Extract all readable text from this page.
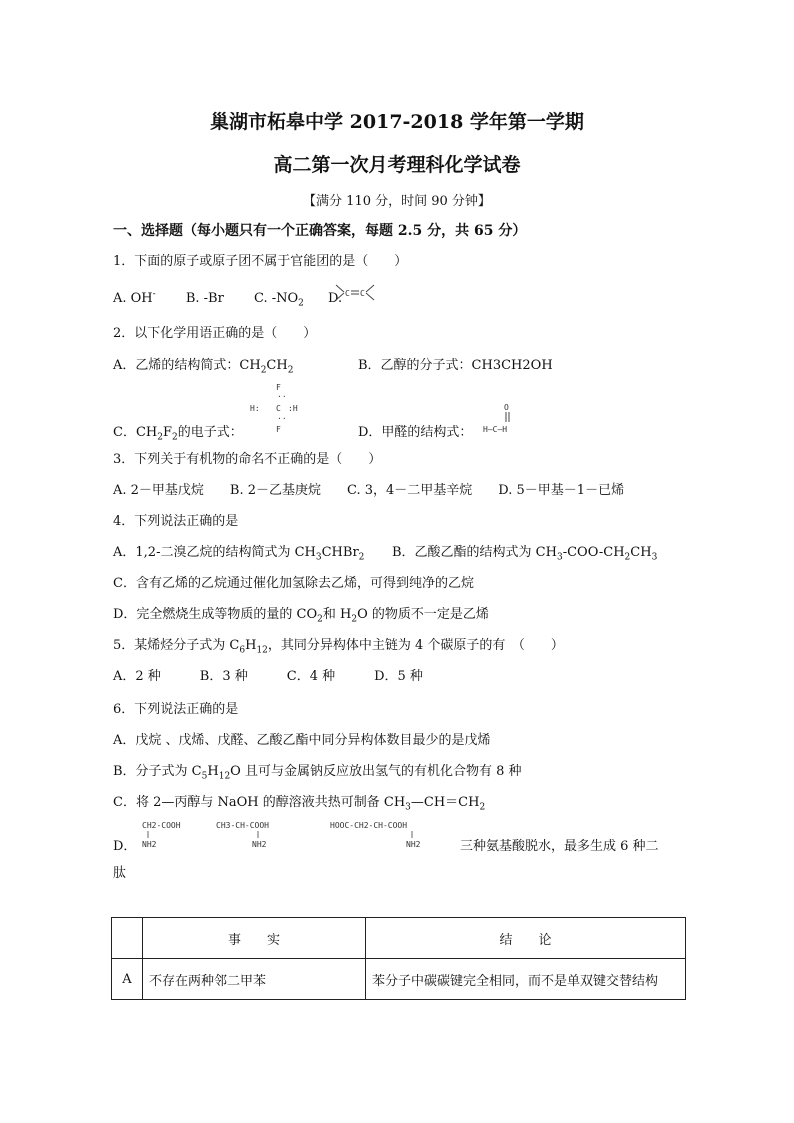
巢湖市柘皋中学 2017-2018 学年第一学期
高二第一次月考理科化学试卷
【满分 110 分，时间 90 分钟】
一、选择题（每小题只有一个正确答案，每题 2.5 分，共 65 分）
1．下面的原子或原子团不属于官能团的是（　　）
A. OH- B. -Br C. $-NO_2$ D. C C
2．以下化学用语正确的是（　　）
A．乙烯的结构简式：$CH_2CH_2$	B．乙醇的分子式：CH3CH2OH
F
··
H: C :H
··
F
C．$CH_2F_2$的电子式：	D．甲醛的结构式：
O
H—C—H
3．下列关于有机物的命名不正确的是（　　）
A. 2－甲基戊烷　　B. 2－乙基庚烷　　C. 3，4－二甲基辛烷　　D. 5－甲基－1－已烯
4．下列说法正确的是
A．1,2-二溴乙烷的结构简式为 $CH_3CHBr_2$ B．乙酸乙酯的结构式为 $CH_3-COO-CH_2CH_3$
C．含有乙烯的乙烷通过催化加氢除去乙烯，可得到纯净的乙烷
D．完全燃烧生成等物质的量的 $CO_2$和 $H_2O$ 的物质不一定是乙烯
5．某烯烃分子式为 $C_6H_{12}$，其同分异构体中主链为 4 个碳原子的有　（　　）
A．2 种　　　B．3 种　　　C．4 种　　　D．5 种
6．下列说法正确的是
A．戊烷 、戊烯、戊醛、乙酸乙酯中同分异构体数目最少的是戊烯
B．分子式为 $C_5H_{12}O$ 且可与金属钠反应放出氢气的有机化合物有 8 种
C．将 2—丙醇与 NaOH 的醇溶液共热可制备 $CH_3—CH=CH_2$
CH2-COOH
NH2
CH3-CH-COOH
NH2
HOOC-CH2-CH-COOH
NH2
D．	三种氨基酸脱水，最多生成 6 种二
肽
	事　　实	结　　论
A	不存在两种邻二甲苯	苯分子中碳碳键完全相同，而不是单双键交替结构
